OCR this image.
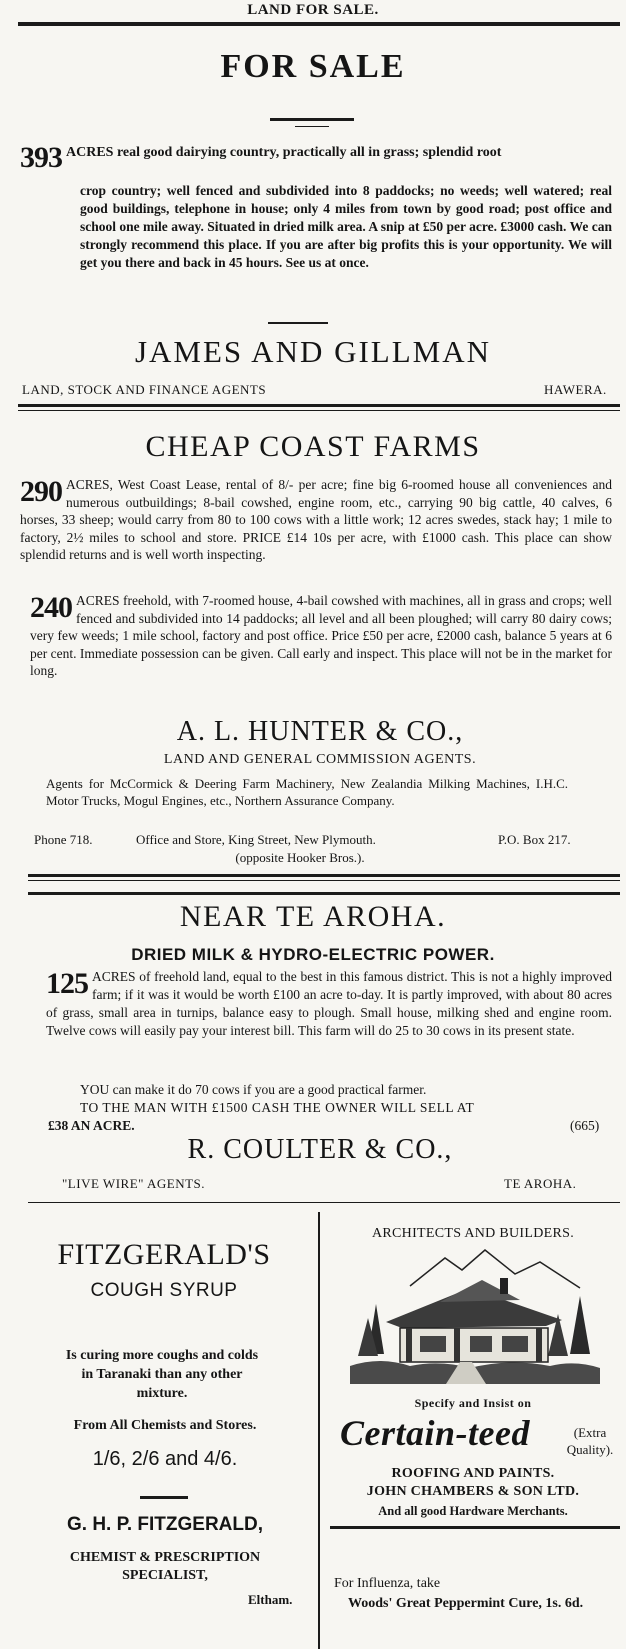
LAND FOR SALE.
FOR SALE
393 ACRES real good dairying country, practically all in grass; splendid root
crop country; well fenced and subdivided into 8 paddocks; no weeds; well watered; real good buildings, telephone in house; only 4 miles from town by good road; post office and school one mile away. Situated in dried milk area. A snip at £50 per acre. £3000 cash. We can strongly recommend this place. If you are after big profits this is your opportunity. We will get you there and back in 45 hours. See us at once.
JAMES AND GILLMAN
LAND, STOCK AND FINANCE AGENTS	HAWERA.
CHEAP COAST FARMS
290 ACRES, West Coast Lease, rental of 8/- per acre; fine big 6-roomed house all conveniences and numerous outbuildings; 8-bail cowshed, engine room, etc., carrying 90 big cattle, 40 calves, 6 horses, 33 sheep; would carry from 80 to 100 cows with a little work; 12 acres swedes, stack hay; 1 mile to factory, 2½ miles to school and store. PRICE £14 10s per acre, with £1000 cash. This place can show splendid returns and is well worth inspecting.
240 ACRES freehold, with 7-roomed house, 4-bail cowshed with machines, all in grass and crops; well fenced and subdivided into 14 paddocks; all level and all been ploughed; will carry 80 dairy cows; very few weeds; 1 mile school, factory and post office. Price £50 per acre, £2000 cash, balance 5 years at 6 per cent. Immediate possession can be given. Call early and inspect. This place will not be in the market for long.
A. L. HUNTER & CO.,
LAND AND GENERAL COMMISSION AGENTS.
Agents for McCormick & Deering Farm Machinery, New Zealandia Milking Machines, I.H.C. Motor Trucks, Mogul Engines, etc., Northern Assurance Company.
Phone 718.	Office and Store, King Street, New Plymouth.	P.O. Box 217.
(opposite Hooker Bros.).
NEAR TE AROHA.
DRIED MILK & HYDRO-ELECTRIC POWER.
125 ACRES of freehold land, equal to the best in this famous district. This is not a highly improved farm; if it was it would be worth £100 an acre to-day. It is partly improved, with about 80 acres of grass, small area in turnips, balance easy to plough. Small house, milking shed and engine room. Twelve cows will easily pay your interest bill. This farm will do 25 to 30 cows in its present state.
YOU can make it do 70 cows if you are a good practical farmer.
TO THE MAN WITH £1500 CASH THE OWNER WILL SELL AT
£38 AN ACRE.	(665)
R. COULTER & CO.,
"LIVE WIRE" AGENTS.	TE AROHA.
FITZGERALD'S
COUGH SYRUP
Is curing more coughs and colds in Taranaki than any other mixture.
From All Chemists and Stores.
1/6, 2/6 and 4/6.
G. H. P. FITZGERALD,
CHEMIST & PRESCRIPTION
SPECIALIST,
Eltham.
ARCHITECTS AND BUILDERS.
Specify and Insist on
Certain-teed	(Extra Quality).
ROOFING AND PAINTS.
JOHN CHAMBERS & SON LTD.
And all good Hardware Merchants.
For Influenza, take
Woods' Great Peppermint Cure, 1s. 6d.
